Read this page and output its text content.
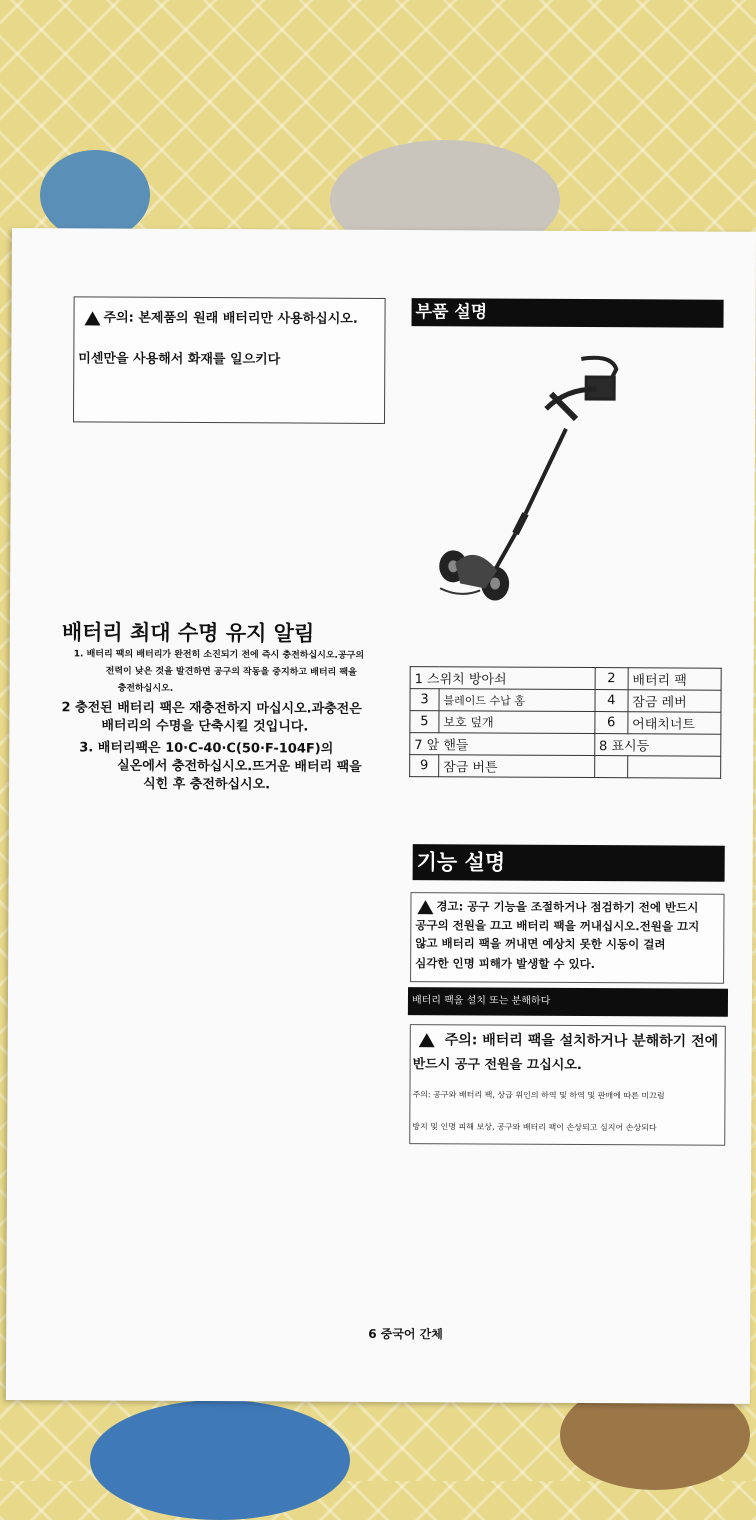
주의: 본제품의 원래 배터리만 사용하십시오.
미센만을 사용해서 화재를 일으키다
부품 설명
1 스위치 방아쇠		2	배터리 팩
3	블레이드 수납 홈	4	잠금 레버
5	보호 덮개	6	어태치너트
7 앞 핸들		8 표시등	
9	잠금 버튼		
배터리 최대 수명 유지 알림
1. 배터리 팩의 배터리가 완전히 소진되기 전에 즉시 충전하십시오.공구의
전력이 낮은 것을 발견하면 공구의 작동을 중지하고 배터리 팩을
충전하십시오.
2 충전된 배터리 팩은 재충전하지 마십시오.과충전은
배터리의 수명을 단축시킬 것입니다.
3. 배터리팩은 10·C-40·C(50·F-104F)의
실온에서 충전하십시오.뜨거운 배터리 팩을
식힌 후 충전하십시오.
기능 설명
경고: 공구 기능을 조절하거나 점검하기 전에 반드시
공구의 전원을 끄고 배터리 팩을 꺼내십시오.전원을 끄지
않고 배터리 팩을 꺼내면 예상치 못한 시동이 걸려
심각한 인명 피해가 발생할 수 있다.
배터리 팩을 설치 또는 분해하다
주의: 배터리 팩을 설치하거나 분해하기 전에
반드시 공구 전원을 끄십시오.
주의: 공구와 배터리 팩, 상급 위인의 하역 및 하역 및 판매에 따른 미끄럼
방지 및 인명 피해 보상, 공구와 배터리 팩이 손상되고 심지어 손상되다
6 중국어 간체
